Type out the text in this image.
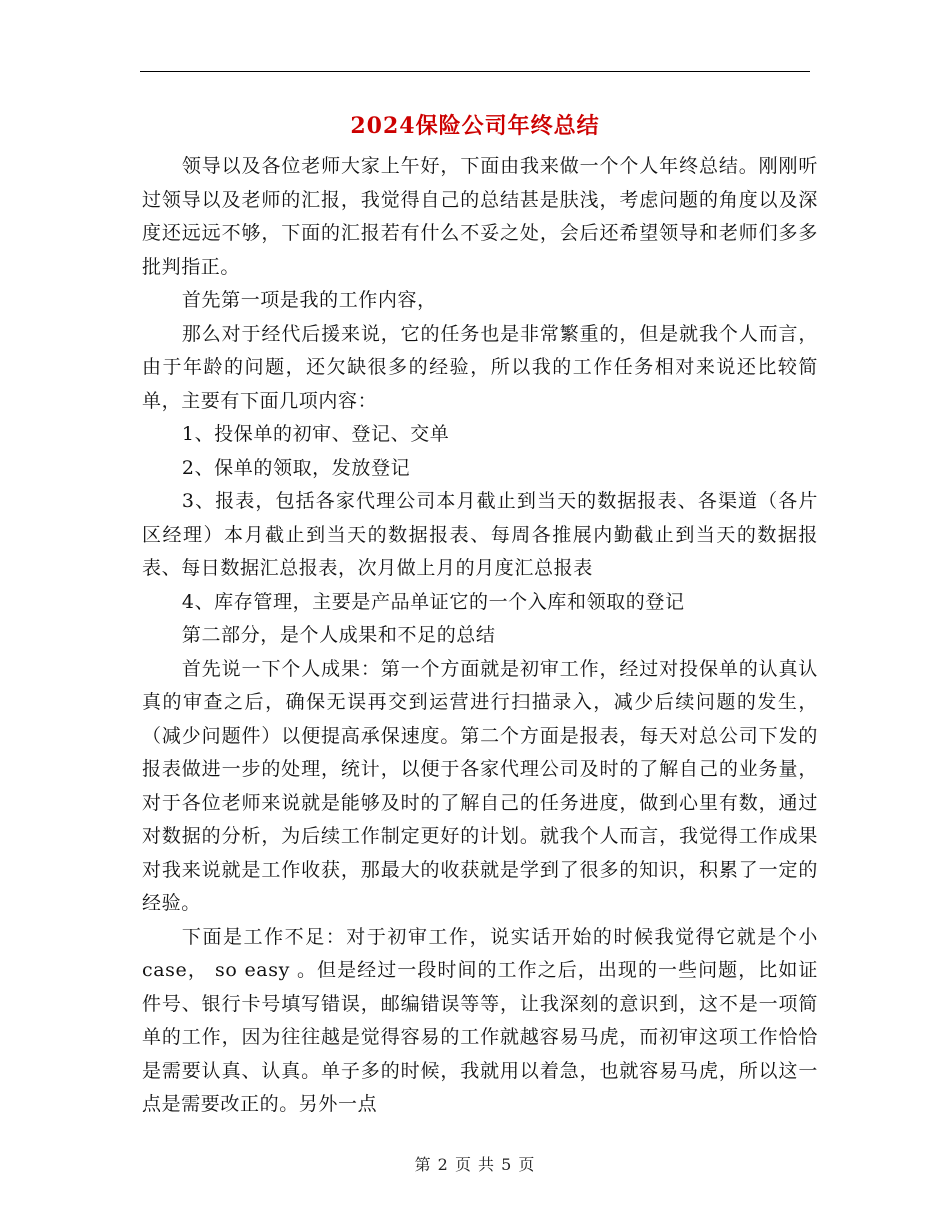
2024保险公司年终总结

领导以及各位老师大家上午好，下面由我来做一个个人年终总结。刚刚听过领导以及老师的汇报，我觉得自己的总结甚是肤浅，考虑问题的角度以及深度还远远不够，下面的汇报若有什么不妥之处，会后还希望领导和老师们多多批判指正。

首先第一项是我的工作内容，

那么对于经代后援来说，它的任务也是非常繁重的，但是就我个人而言，由于年龄的问题，还欠缺很多的经验，所以我的工作任务相对来说还比较简单，主要有下面几项内容：

1、投保单的初审、登记、交单

2、保单的领取，发放登记

3、报表，包括各家代理公司本月截止到当天的数据报表、各渠道（各片区经理）本月截止到当天的数据报表、每周各推展内勤截止到当天的数据报表、每日数据汇总报表，次月做上月的月度汇总报表

4、库存管理，主要是产品单证它的一个入库和领取的登记

第二部分，是个人成果和不足的总结

首先说一下个人成果：第一个方面就是初审工作，经过对投保单的认真认真的审查之后，确保无误再交到运营进行扫描录入，减少后续问题的发生，（减少问题件）以便提高承保速度。第二个方面是报表，每天对总公司下发的报表做进一步的处理，统计，以便于各家代理公司及时的了解自己的业务量，对于各位老师来说就是能够及时的了解自己的任务进度，做到心里有数，通过对数据的分析，为后续工作制定更好的计划。就我个人而言，我觉得工作成果对我来说就是工作收获，那最大的收获就是学到了很多的知识，积累了一定的经验。

下面是工作不足：对于初审工作，说实话开始的时候我觉得它就是个小case， so easy 。但是经过一段时间的工作之后，出现的一些问题，比如证件号、银行卡号填写错误，邮编错误等等，让我深刻的意识到，这不是一项简单的工作，因为往往越是觉得容易的工作就越容易马虎，而初审这项工作恰恰是需要认真、认真。单子多的时候，我就用以着急，也就容易马虎，所以这一点是需要改正的。另外一点

第 2 页 共 5 页
